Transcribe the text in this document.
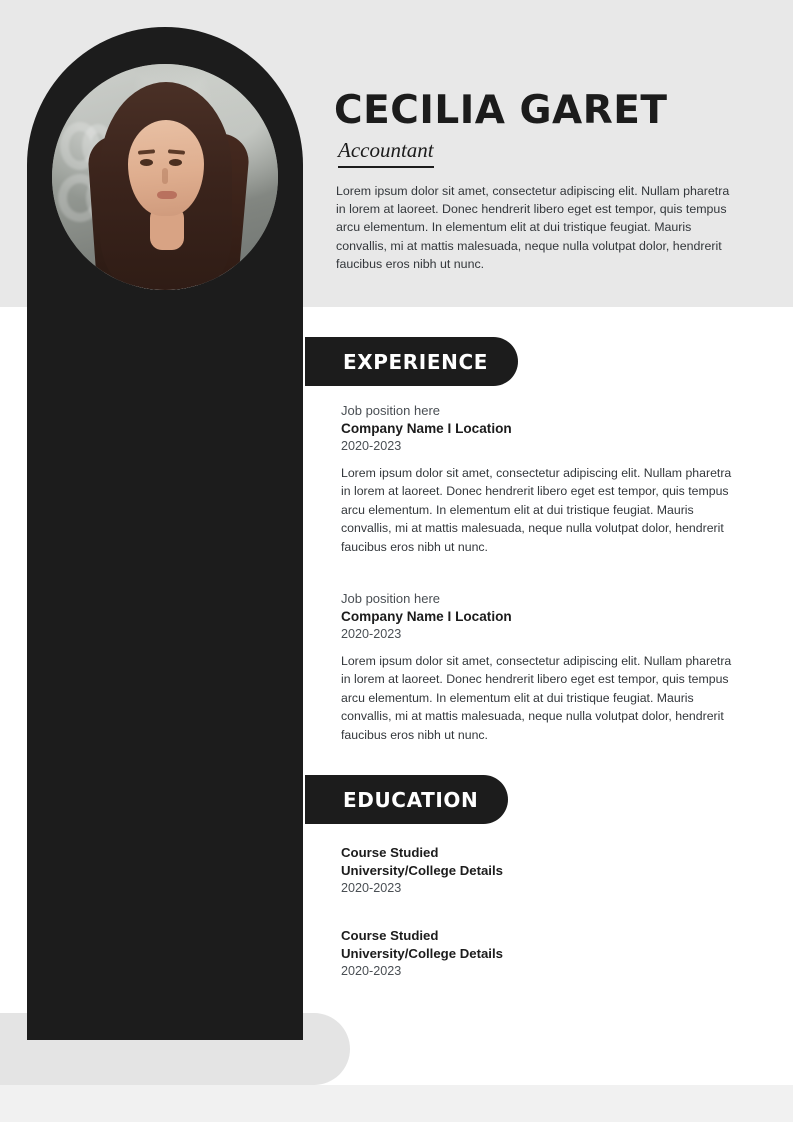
CECILIA GARET
Accountant
Lorem ipsum dolor sit amet, consectetur adipiscing elit. Nullam pharetra in lorem at laoreet. Donec hendrerit libero eget est tempor, quis tempus arcu elementum. In elementum elit at dui tristique feugiat. Mauris convallis, mi at mattis malesuada, neque nulla volutpat dolor, hendrerit faucibus eros nibh ut nunc.
EXPERIENCE
Job position here
Company Name I Location
2020-2023
Lorem ipsum dolor sit amet, consectetur adipiscing elit. Nullam pharetra in lorem at laoreet. Donec hendrerit libero eget est tempor, quis tempus arcu elementum. In elementum elit at dui tristique feugiat. Mauris convallis, mi at mattis malesuada, neque nulla volutpat dolor, hendrerit faucibus eros nibh ut nunc.
Job position here
Company Name I Location
2020-2023
Lorem ipsum dolor sit amet, consectetur adipiscing elit. Nullam pharetra in lorem at laoreet. Donec hendrerit libero eget est tempor, quis tempus arcu elementum. In elementum elit at dui tristique feugiat. Mauris convallis, mi at mattis malesuada, neque nulla volutpat dolor, hendrerit faucibus eros nibh ut nunc.
EDUCATION
Course Studied
University/College Details
2020-2023
Course Studied
University/College Details
2020-2023
